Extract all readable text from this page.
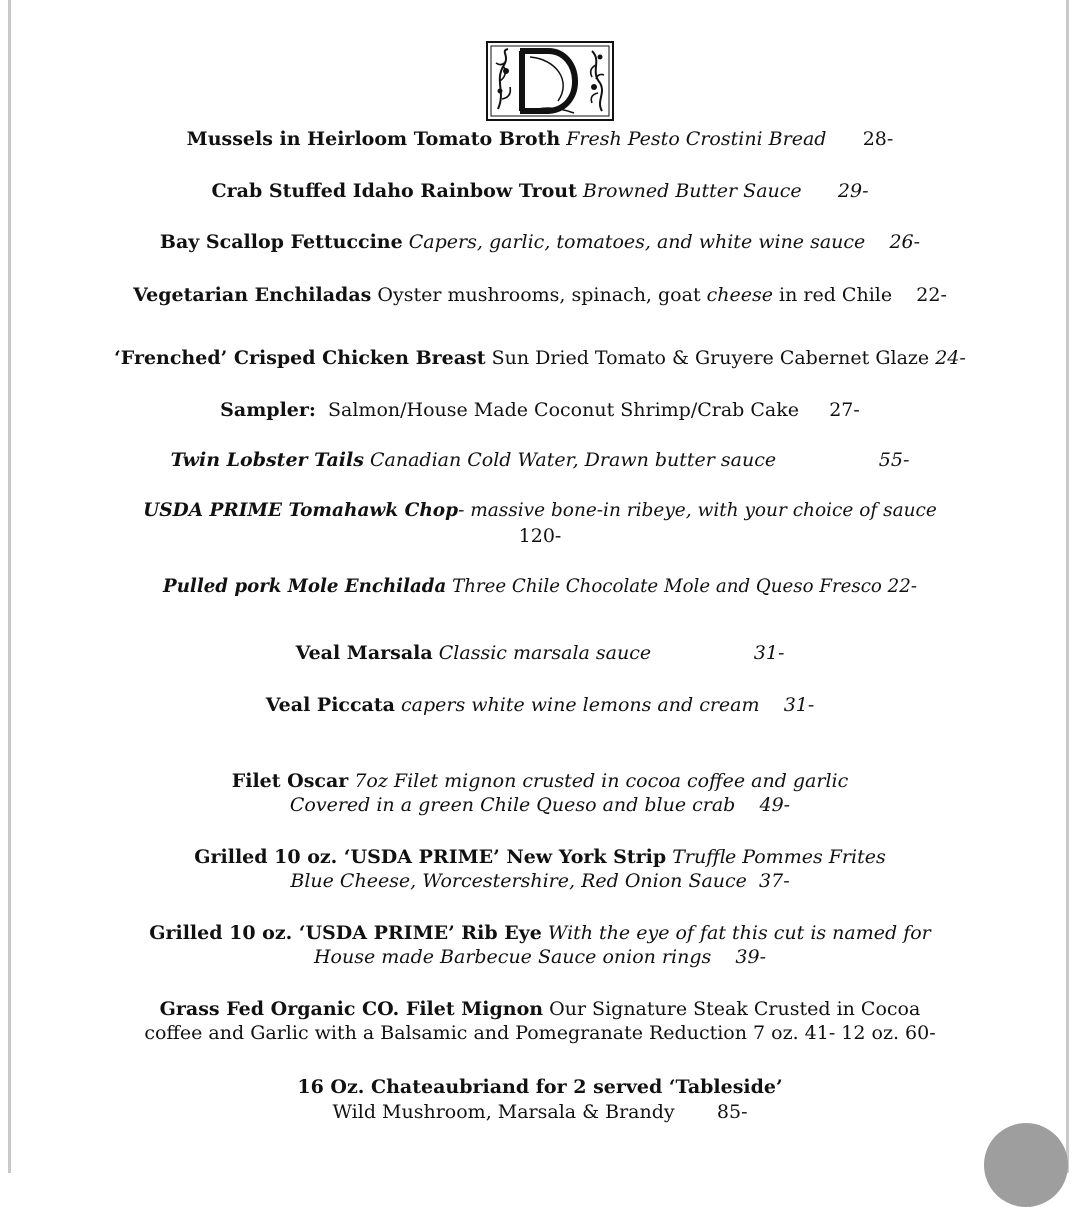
Mussels in Heirloom Tomato Broth Fresh Pesto Crostini Bread 28-
Crab Stuffed Idaho Rainbow Trout Browned Butter Sauce 29-
Bay Scallop Fettuccine Capers, garlic, tomatoes, and white wine sauce 26-
Vegetarian Enchiladas Oyster mushrooms, spinach, goat cheese in red Chile 22-
‘Frenched’ Crisped Chicken Breast Sun Dried Tomato & Gruyere Cabernet Glaze 24-
Sampler: Salmon/House Made Coconut Shrimp/Crab Cake 27-
Twin Lobster Tails Canadian Cold Water, Drawn butter sauce	55-
USDA PRIME Tomahawk Chop- massive bone-in ribeye, with your choice of sauce
120-
Pulled pork Mole Enchilada Three Chile Chocolate Mole and Queso Fresco 22-
Veal Marsala Classic marsala sauce	31-
Veal Piccata capers white wine lemons and cream 31-
Filet Oscar 7oz Filet mignon crusted in cocoa coffee and garlic
Covered in a green Chile Queso and blue crab 49-
Grilled 10 oz. ‘USDA PRIME’ New York Strip Truffle Pommes Frites
Blue Cheese, Worcestershire, Red Onion Sauce 37-
Grilled 10 oz. ‘USDA PRIME’ Rib Eye With the eye of fat this cut is named for
House made Barbecue Sauce onion rings 39-
Grass Fed Organic CO. Filet Mignon Our Signature Steak Crusted in Cocoa
coffee and Garlic with a Balsamic and Pomegranate Reduction 7 oz. 41- 12 oz. 60-
16 Oz. Chateaubriand for 2 served ‘Tableside’
Wild Mushroom, Marsala & Brandy 85-
